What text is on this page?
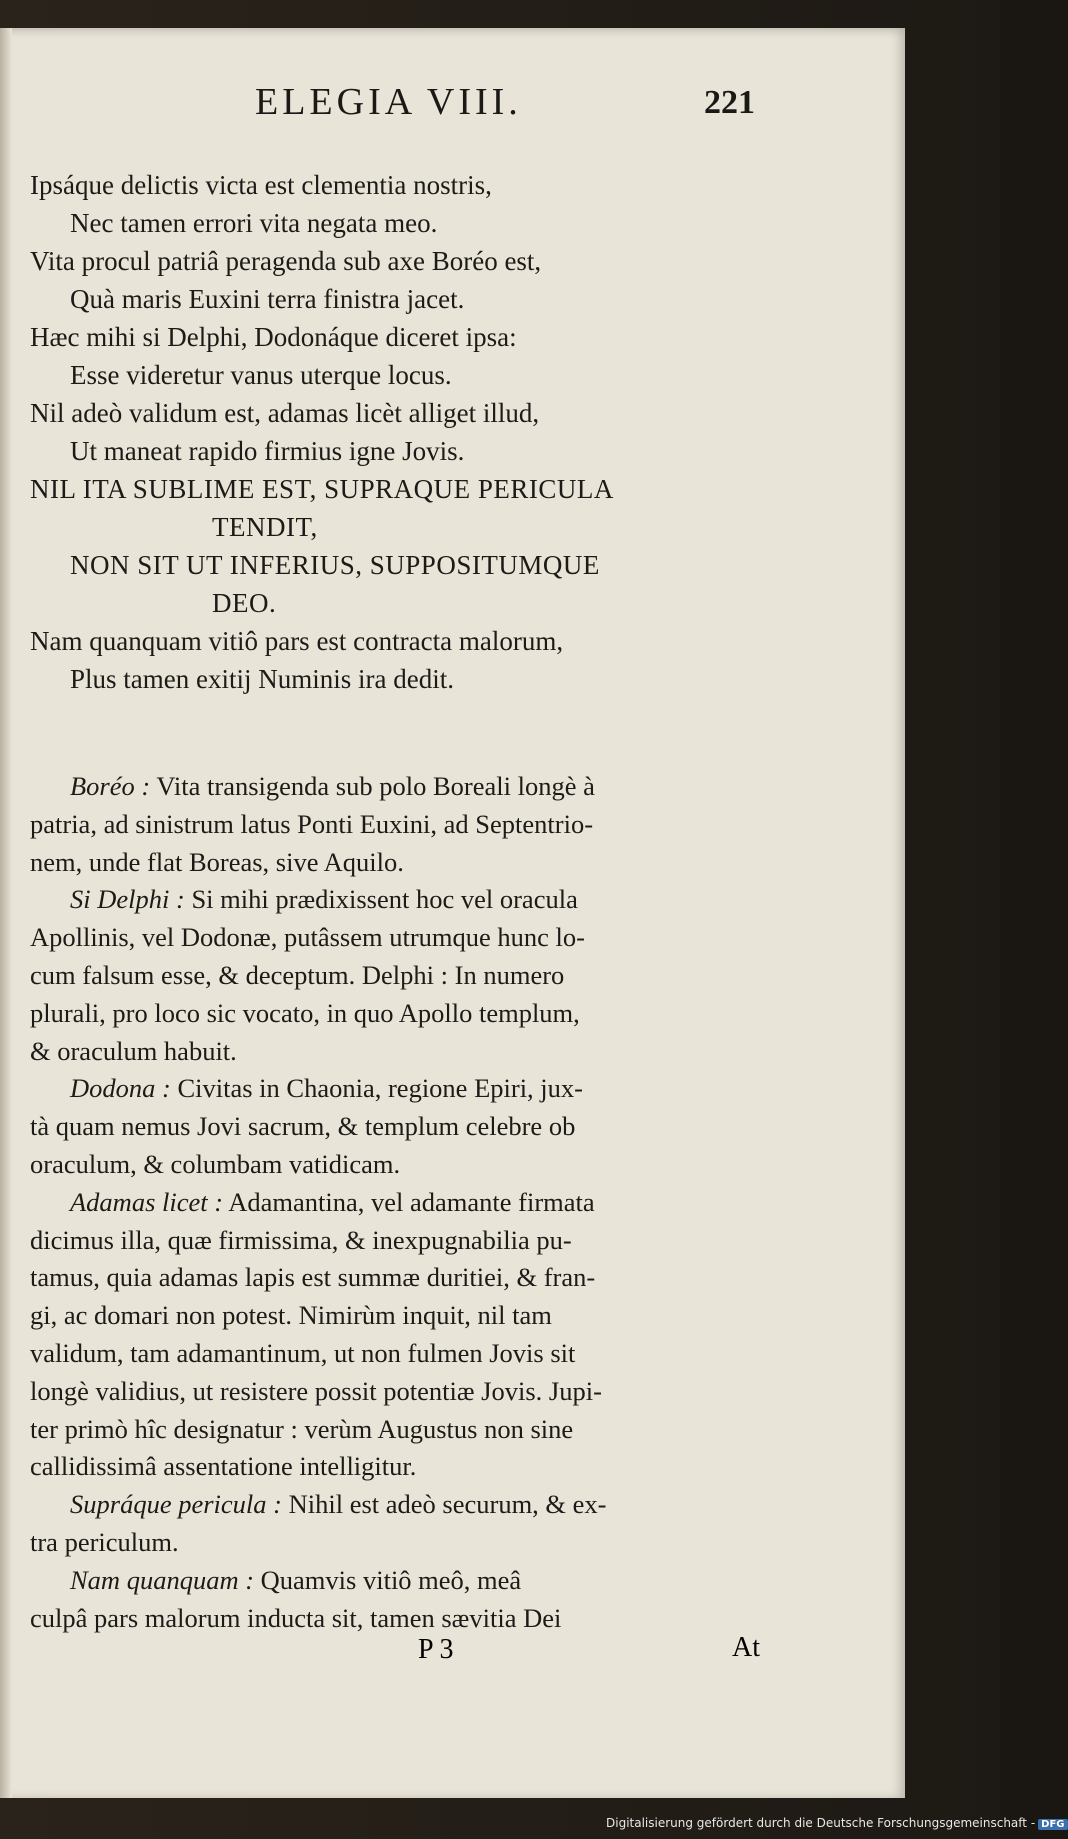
ELEGIA VIII.	221
Ipsáque delictis victa est clementia nostris,
Nec tamen errori vita negata meo.
Vita procul patriâ peragenda sub axe Boréo est,
Quà maris Euxini terra finistra jacet.
Hæc mihi si Delphi, Dodonáque diceret ipsa:
Esse videretur vanus uterque locus.
Nil adeò validum est, adamas licèt alliget illud,
Ut maneat rapido firmius igne Jovis.
NIL ITA SUBLIME EST, SUPRAQUE PERICULA
TENDIT,
NON SIT UT INFERIUS, SUPPOSITUMQUE
DEO.
Nam quanquam vitiô pars est contracta malorum,
Plus tamen exitij Numinis ira dedit.
Boréo : Vita transigenda sub polo Boreali longè à
patria, ad sinistrum latus Ponti Euxini, ad Septentrio-
nem, unde flat Boreas, sive Aquilo.
Si Delphi : Si mihi prædixissent hoc vel oracula
Apollinis, vel Dodonæ, putâssem utrumque hunc lo-
cum falsum esse, & deceptum. Delphi : In numero
plurali, pro loco sic vocato, in quo Apollo templum,
& oraculum habuit.
Dodona : Civitas in Chaonia, regione Epiri, jux-
tà quam nemus Jovi sacrum, & templum celebre ob
oraculum, & columbam vatidicam.
Adamas licet : Adamantina, vel adamante firmata
dicimus illa, quæ firmissima, & inexpugnabilia pu-
tamus, quia adamas lapis est summæ duritiei, & fran-
gi, ac domari non potest. Nimirùm inquit, nil tam
validum, tam adamantinum, ut non fulmen Jovis sit
longè validius, ut resistere possit potentiæ Jovis. Jupi-
ter primò hîc designatur : verùm Augustus non sine
callidissimâ assentatione intelligitur.
Supráque pericula : Nihil est adeò securum, & ex-
tra periculum.
Nam quanquam : Quamvis vitiô meô, meâ
culpâ pars malorum inducta sit, tamen sævitia Dei
P 3	At
Digitalisierung gefördert durch die Deutsche Forschungsgemeinschaft - DFG
